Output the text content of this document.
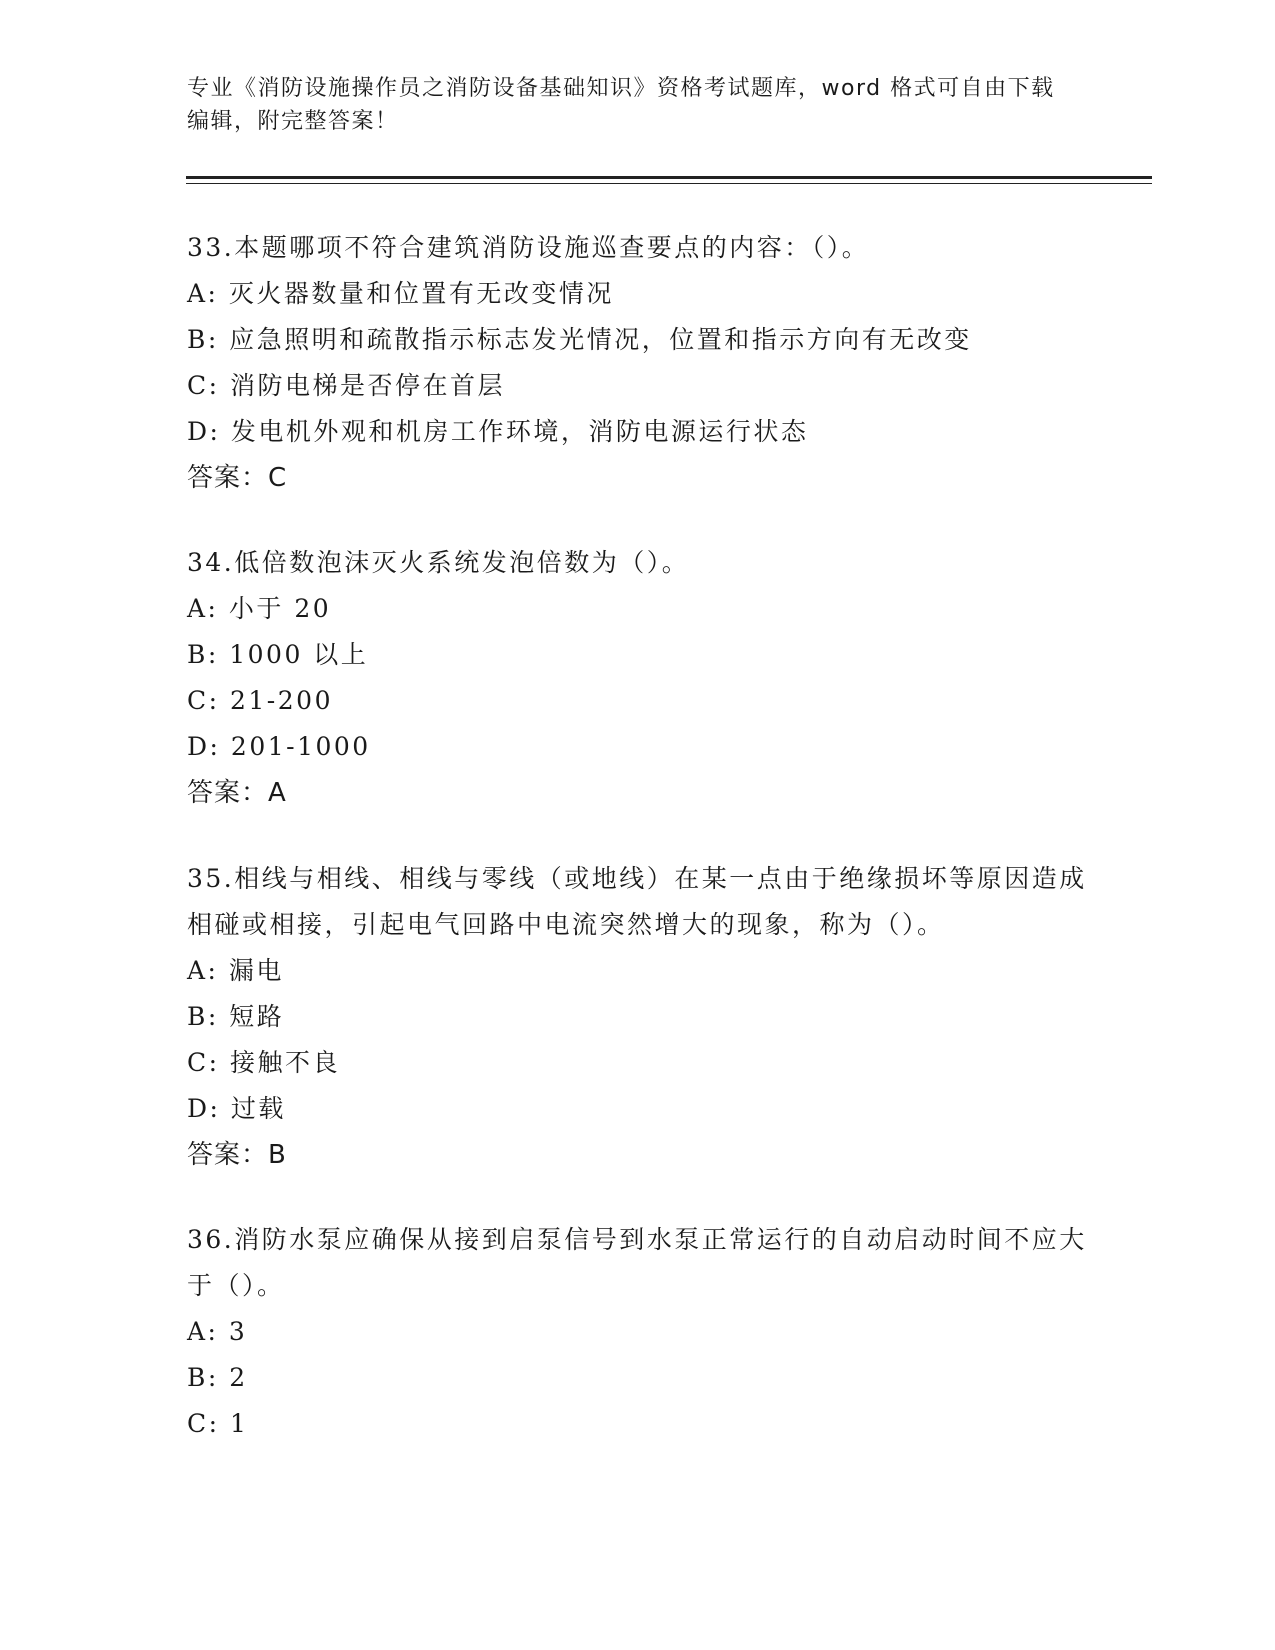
专业《消防设施操作员之消防设备基础知识》资格考试题库，word 格式可自由下载编辑，附完整答案！
33.本题哪项不符合建筑消防设施巡查要点的内容：（）。
A: 灭火器数量和位置有无改变情况
B: 应急照明和疏散指示标志发光情况，位置和指示方向有无改变
C: 消防电梯是否停在首层
D: 发电机外观和机房工作环境，消防电源运行状态
答案：C
34.低倍数泡沫灭火系统发泡倍数为（）。
A: 小于 20
B: 1000 以上
C: 21-200
D: 201-1000
答案：A
35.相线与相线、相线与零线（或地线）在某一点由于绝缘损坏等原因造成相碰或相接，引起电气回路中电流突然增大的现象，称为（）。
A: 漏电
B: 短路
C: 接触不良
D: 过载
答案：B
36.消防水泵应确保从接到启泵信号到水泵正常运行的自动启动时间不应大于（）。
A: 3
B: 2
C: 1
